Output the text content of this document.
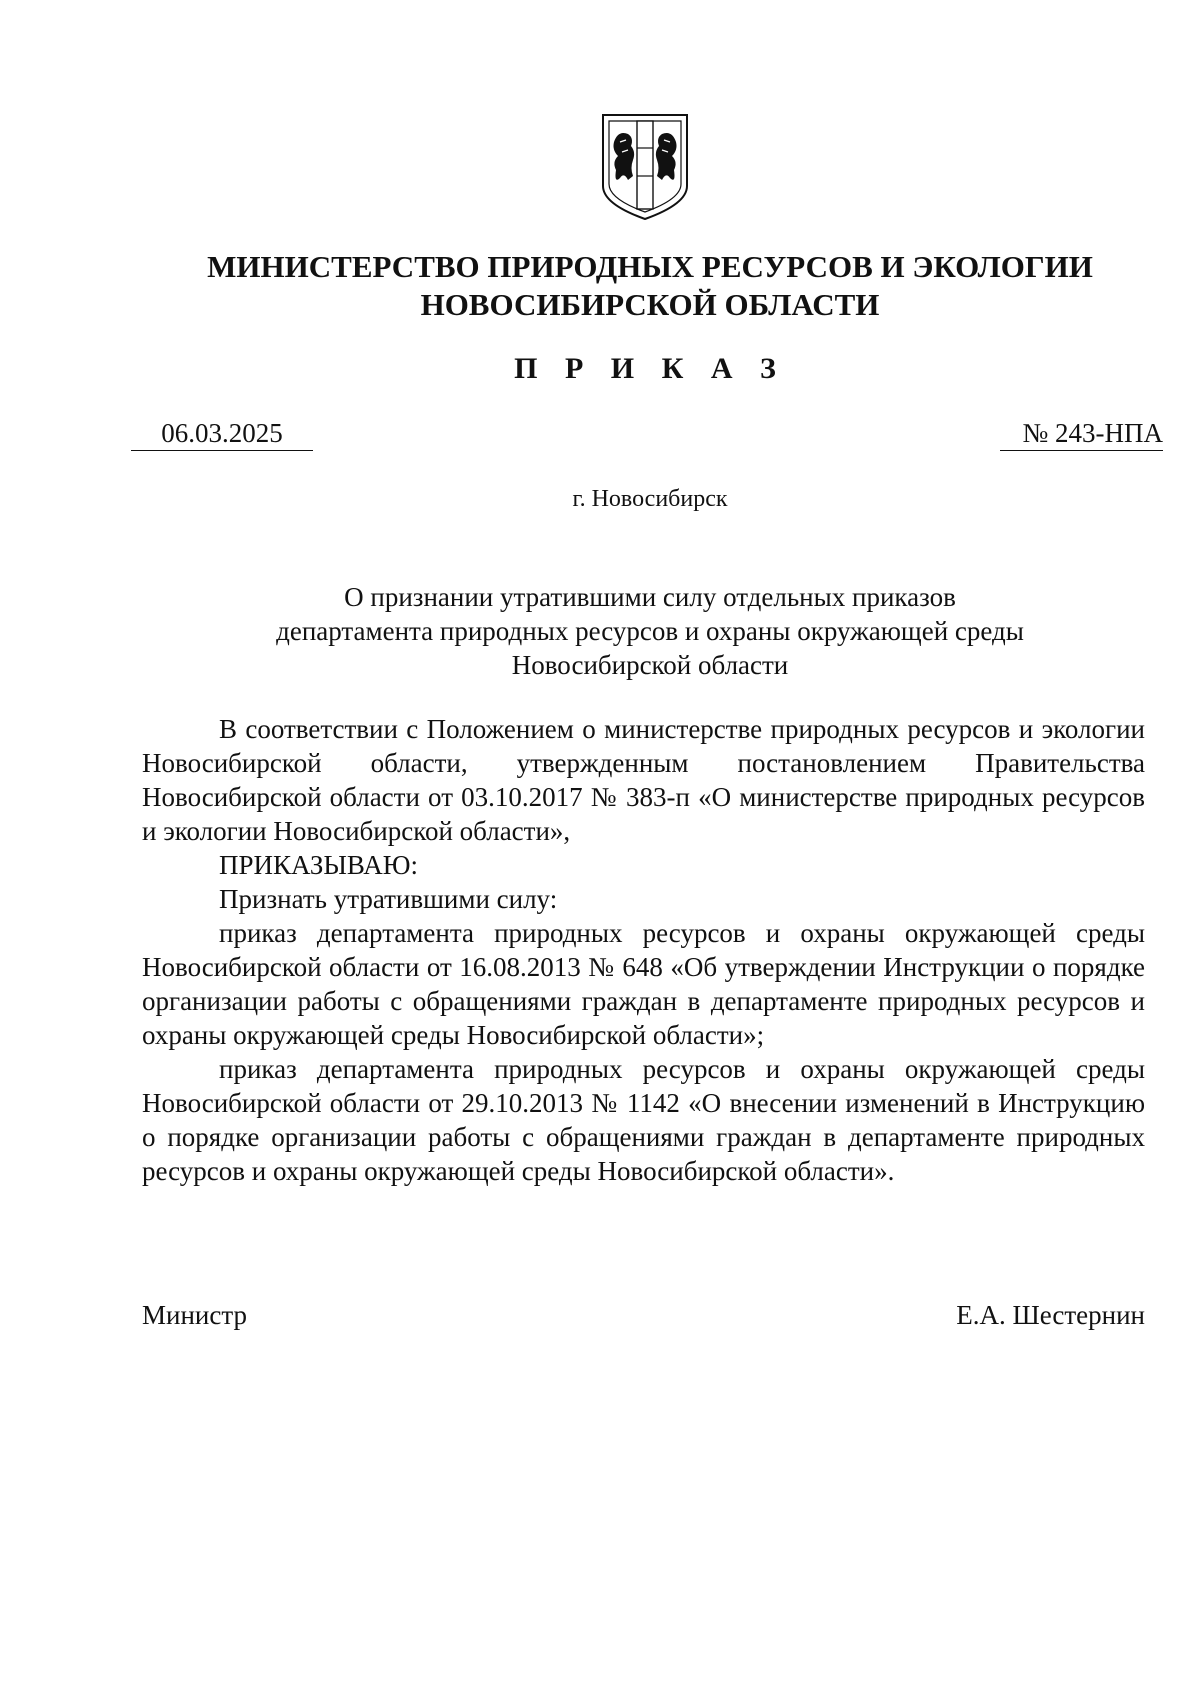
МИНИСТЕРСТВО ПРИРОДНЫХ РЕСУРСОВ И ЭКОЛОГИИ
НОВОСИБИРСКОЙ ОБЛАСТИ
П Р И К А З
06.03.2025	№ 243-НПА
г. Новосибирск
О признании утратившими силу отдельных приказов
департамента природных ресурсов и охраны окружающей среды
Новосибирской области

В соответствии с Положением о министерстве природных ресурсов и экологии Новосибирской области, утвержденным постановлением Правительства Новосибирской области от 03.10.2017 № 383-п «О министерстве природных ресурсов и экологии Новосибирской области»,

ПРИКАЗЫВАЮ:

Признать утратившими силу:

приказ департамента природных ресурсов и охраны окружающей среды Новосибирской области от 16.08.2013 № 648 «Об утверждении Инструкции о порядке организации работы с обращениями граждан в департаменте природных ресурсов и охраны окружающей среды Новосибирской области»;

приказ департамента природных ресурсов и охраны окружающей среды Новосибирской области от 29.10.2013 № 1142 «О внесении изменений в Инструкцию о порядке организации работы с обращениями граждан в департаменте природных ресурсов и охраны окружающей среды Новосибирской области».

Министр	Е.А. Шестернин
